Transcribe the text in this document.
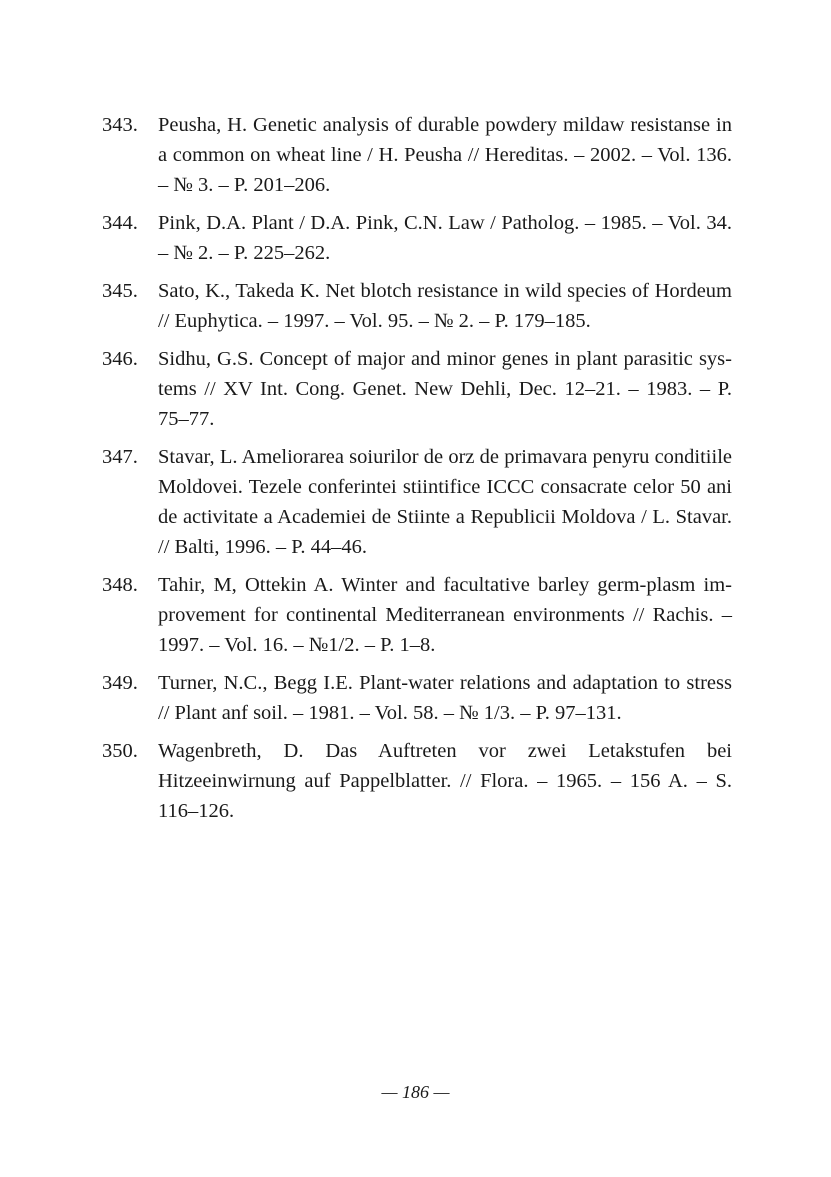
343. Peusha, H. Genetic analysis of durable powdery mildaw resistanse in a common on wheat line / H. Peusha // Hereditas. – 2002. – Vol. 136. – № 3. – P. 201–206.
344. Pink, D.A. Plant / D.A. Pink, C.N. Law / Patholog. – 1985. – Vol. 34. – № 2. – P. 225–262.
345. Sato, K., Takeda K. Net blotch resistance in wild species of Hordeum // Euphytica. – 1997. – Vol. 95. – № 2. – P. 179–185.
346. Sidhu, G.S. Concept of major and minor genes in plant parasitic systems // XV Int. Cong. Genet. New Dehli, Dec. 12–21. – 1983. – P. 75–77.
347. Stavar, L. Ameliorarea soiurilor de orz de primavara penyru conditiile Moldovei. Tezele conferintei stiintifice ICCC consacrate celor 50 ani de activitate a Academiei de Stiinte a Republicii Moldova / L. Stavar. // Balti, 1996. – P. 44–46.
348. Tahir, M, Ottekin A. Winter and facultative barley germ-plasm improvement for continental Mediterranean environments // Rachis. – 1997. – Vol. 16. – №1/2. – P. 1–8.
349. Turner, N.C., Begg I.E. Plant-water relations and adaptation to stress // Plant anf soil. – 1981. – Vol. 58. – № 1/3. – P. 97–131.
350. Wagenbreth, D. Das Auftreten vor zwei Letakstufen bei Hitzeeinwirnung auf Pappelblatter. // Flora. – 1965. – 156 A. – S. 116–126.
— 186 —
